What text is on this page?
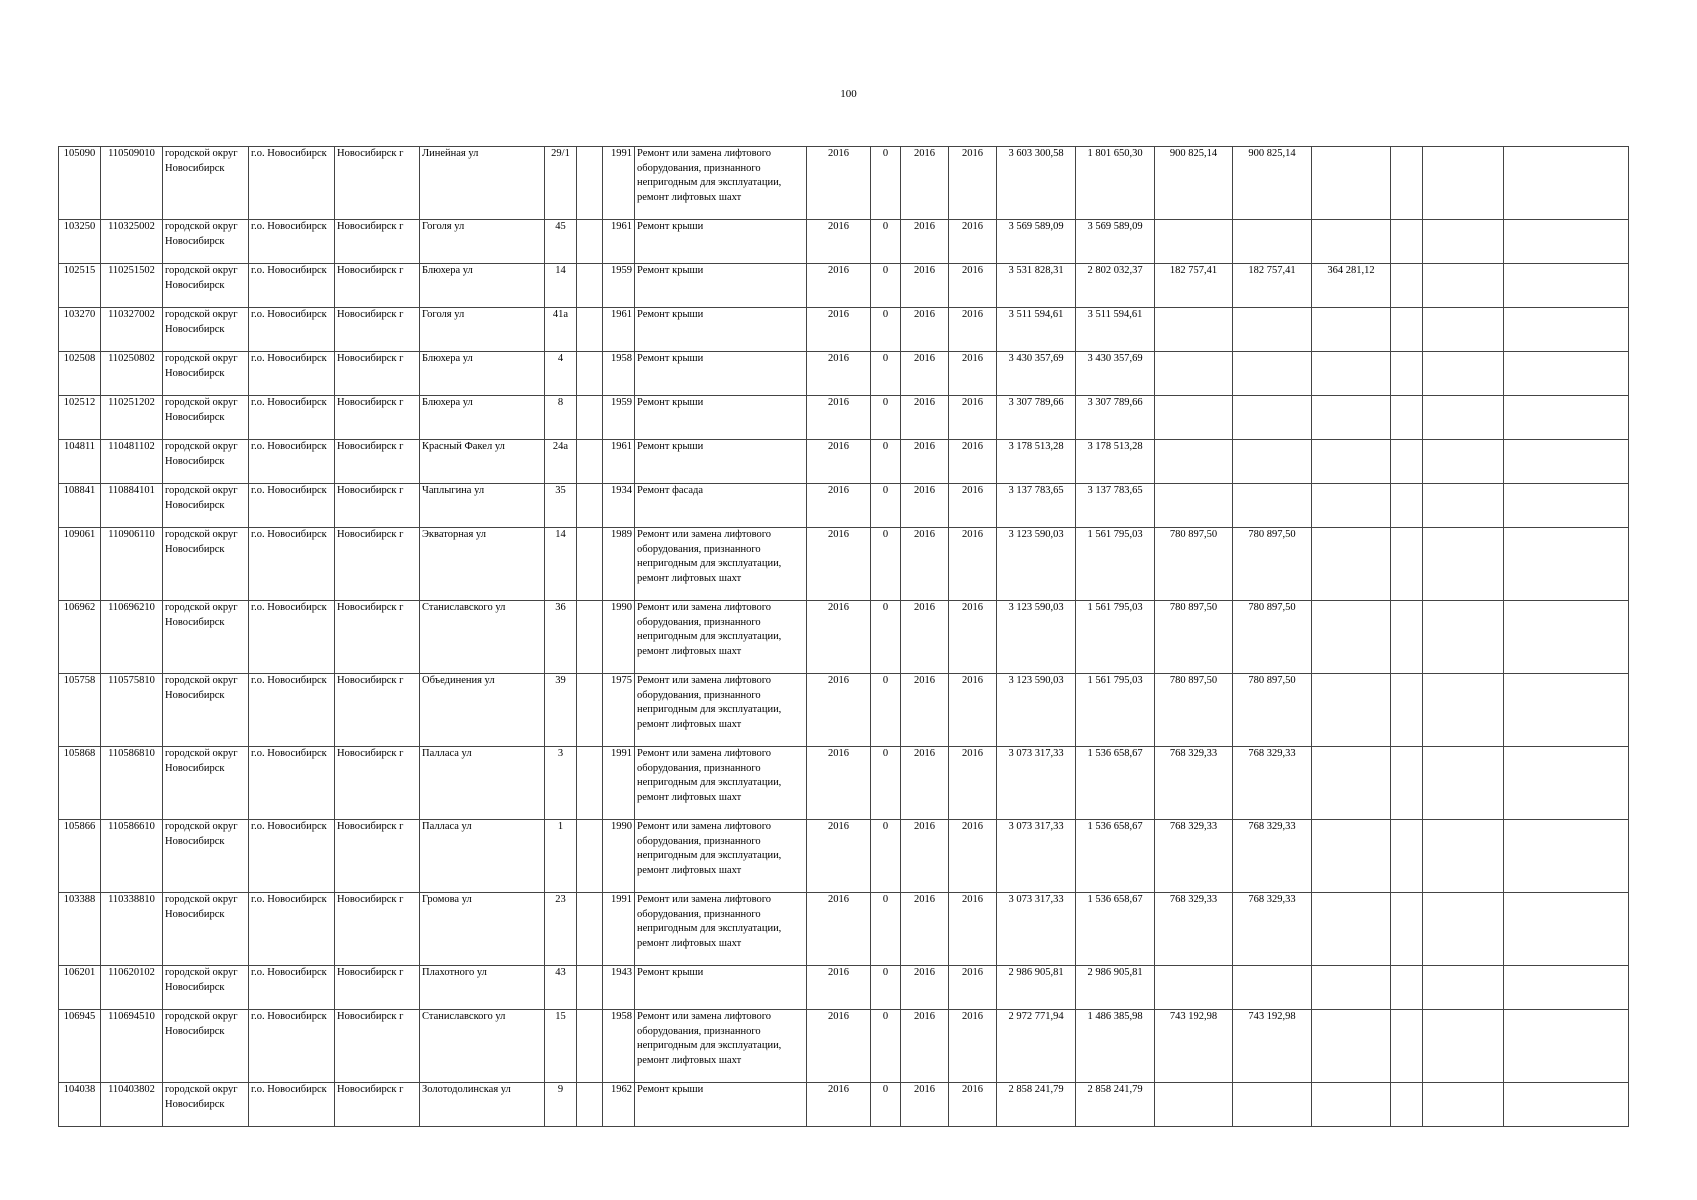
100
105090	110509010	городской округ Новосибирск	г.о. Новосибирск	Новосибирск г	Линейная ул	29/1		1991	Ремонт или замена лифтового оборудования, признанного непригодным для эксплуатации, ремонт лифтовых шахт	2016	0	2016	2016	3 603 300,58	1 801 650,30	900 825,14	900 825,14				
103250	110325002	городской округ Новосибирск	г.о. Новосибирск	Новосибирск г	Гоголя ул	45		1961	Ремонт крыши	2016	0	2016	2016	3 569 589,09	3 569 589,09						
102515	110251502	городской округ Новосибирск	г.о. Новосибирск	Новосибирск г	Блюхера ул	14		1959	Ремонт крыши	2016	0	2016	2016	3 531 828,31	2 802 032,37	182 757,41	182 757,41	364 281,12			
103270	110327002	городской округ Новосибирск	г.о. Новосибирск	Новосибирск г	Гоголя ул	41а		1961	Ремонт крыши	2016	0	2016	2016	3 511 594,61	3 511 594,61						
102508	110250802	городской округ Новосибирск	г.о. Новосибирск	Новосибирск г	Блюхера ул	4		1958	Ремонт крыши	2016	0	2016	2016	3 430 357,69	3 430 357,69						
102512	110251202	городской округ Новосибирск	г.о. Новосибирск	Новосибирск г	Блюхера ул	8		1959	Ремонт крыши	2016	0	2016	2016	3 307 789,66	3 307 789,66						
104811	110481102	городской округ Новосибирск	г.о. Новосибирск	Новосибирск г	Красный Факел ул	24а		1961	Ремонт крыши	2016	0	2016	2016	3 178 513,28	3 178 513,28						
108841	110884101	городской округ Новосибирск	г.о. Новосибирск	Новосибирск г	Чаплыгина ул	35		1934	Ремонт фасада	2016	0	2016	2016	3 137 783,65	3 137 783,65						
109061	110906110	городской округ Новосибирск	г.о. Новосибирск	Новосибирск г	Экваторная ул	14		1989	Ремонт или замена лифтового оборудования, признанного непригодным для эксплуатации, ремонт лифтовых шахт	2016	0	2016	2016	3 123 590,03	1 561 795,03	780 897,50	780 897,50				
106962	110696210	городской округ Новосибирск	г.о. Новосибирск	Новосибирск г	Станиславского ул	36		1990	Ремонт или замена лифтового оборудования, признанного непригодным для эксплуатации, ремонт лифтовых шахт	2016	0	2016	2016	3 123 590,03	1 561 795,03	780 897,50	780 897,50				
105758	110575810	городской округ Новосибирск	г.о. Новосибирск	Новосибирск г	Объединения ул	39		1975	Ремонт или замена лифтового оборудования, признанного непригодным для эксплуатации, ремонт лифтовых шахт	2016	0	2016	2016	3 123 590,03	1 561 795,03	780 897,50	780 897,50				
105868	110586810	городской округ Новосибирск	г.о. Новосибирск	Новосибирск г	Палласа ул	3		1991	Ремонт или замена лифтового оборудования, признанного непригодным для эксплуатации, ремонт лифтовых шахт	2016	0	2016	2016	3 073 317,33	1 536 658,67	768 329,33	768 329,33				
105866	110586610	городской округ Новосибирск	г.о. Новосибирск	Новосибирск г	Палласа ул	1		1990	Ремонт или замена лифтового оборудования, признанного непригодным для эксплуатации, ремонт лифтовых шахт	2016	0	2016	2016	3 073 317,33	1 536 658,67	768 329,33	768 329,33				
103388	110338810	городской округ Новосибирск	г.о. Новосибирск	Новосибирск г	Громова ул	23		1991	Ремонт или замена лифтового оборудования, признанного непригодным для эксплуатации, ремонт лифтовых шахт	2016	0	2016	2016	3 073 317,33	1 536 658,67	768 329,33	768 329,33				
106201	110620102	городской округ Новосибирск	г.о. Новосибирск	Новосибирск г	Плахотного ул	43		1943	Ремонт крыши	2016	0	2016	2016	2 986 905,81	2 986 905,81						
106945	110694510	городской округ Новосибирск	г.о. Новосибирск	Новосибирск г	Станиславского ул	15		1958	Ремонт или замена лифтового оборудования, признанного непригодным для эксплуатации, ремонт лифтовых шахт	2016	0	2016	2016	2 972 771,94	1 486 385,98	743 192,98	743 192,98				
104038	110403802	городской округ Новосибирск	г.о. Новосибирск	Новосибирск г	Золотодолинская ул	9		1962	Ремонт крыши	2016	0	2016	2016	2 858 241,79	2 858 241,79						
